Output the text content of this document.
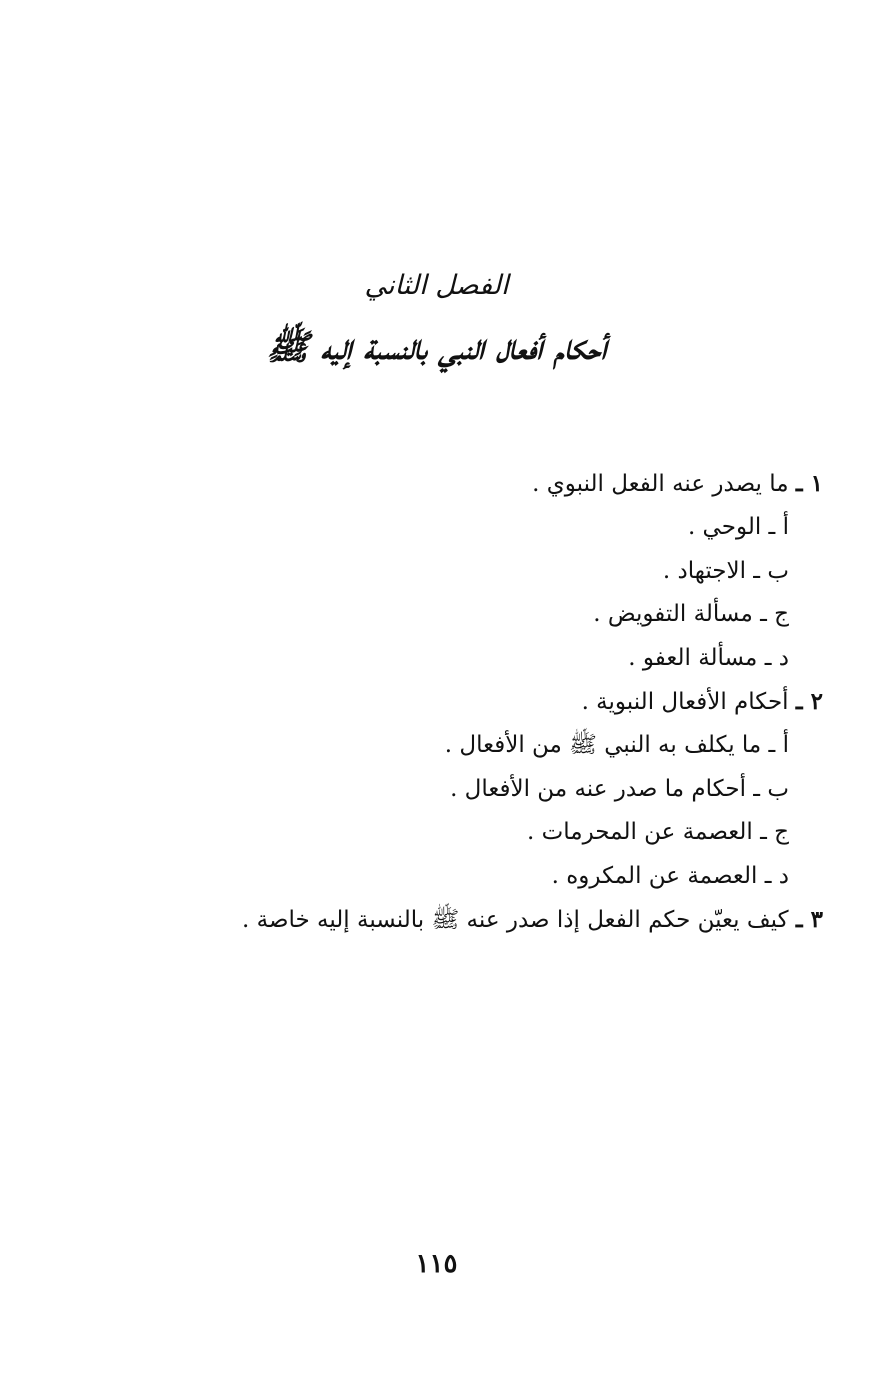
الفصل الثاني
أحكام أفعال النبي بالنسبة إليه ﷺ
١ ـ ما يصدر عنه الفعل النبوي .
أ ـ الوحي .
ب ـ الاجتهاد .
ج ـ مسألة التفويض .
د ـ مسألة العفو .
٢ ـ أحكام الأفعال النبوية .
أ ـ ما يكلف به النبي ﷺ من الأفعال .
ب ـ أحكام ما صدر عنه من الأفعال .
ج ـ العصمة عن المحرمات .
د ـ العصمة عن المكروه .
٣ ـ كيف يعيّن حكم الفعل إذا صدر عنه ﷺ بالنسبة إليه خاصة .
١١٥
